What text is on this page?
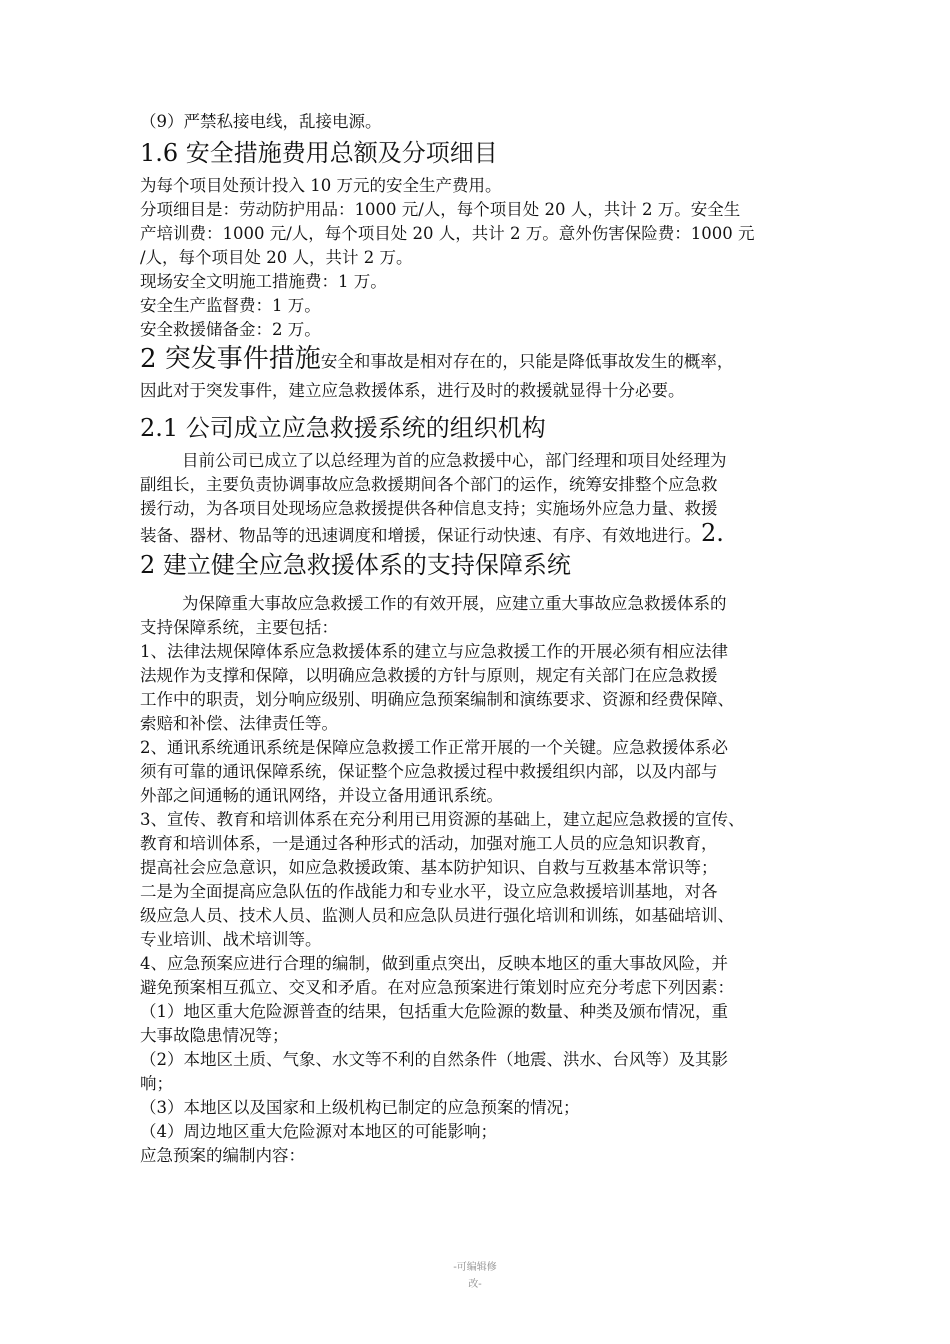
（9）严禁私接电线，乱接电源。

1.6 安全措施费用总额及分项细目

为每个项目处预计投入 10 万元的安全生产费用。

分项细目是：劳动防护用品：1000 元/人，每个项目处 20 人，共计 2 万。安全生

产培训费：1000 元/人，每个项目处 20 人，共计 2 万。意外伤害保险费：1000 元

/人，每个项目处 20 人，共计 2 万。

现场安全文明施工措施费：1 万。

安全生产监督费：1 万。

安全救援储备金：2 万。

2 突发事件措施安全和事故是相对存在的，只能是降低事故发生的概率，

因此对于突发事件，建立应急救援体系，进行及时的救援就显得十分必要。

2.1 公司成立应急救援系统的组织机构

目前公司已成立了以总经理为首的应急救援中心，部门经理和项目处经理为

副组长，主要负责协调事故应急救援期间各个部门的运作，统筹安排整个应急救

援行动，为各项目处现场应急救援提供各种信息支持；实施场外应急力量、救援

装备、器材、物品等的迅速调度和增援，保证行动快速、有序、有效地进行。2.

2 建立健全应急救援体系的支持保障系统

为保障重大事故应急救援工作的有效开展，应建立重大事故应急救援体系的

支持保障系统，主要包括：

1、法律法规保障体系应急救援体系的建立与应急救援工作的开展必须有相应法律

法规作为支撑和保障，以明确应急救援的方针与原则，规定有关部门在应急救援

工作中的职责，划分响应级别、明确应急预案编制和演练要求、资源和经费保障、

索赔和补偿、法律责任等。

2、通讯系统通讯系统是保障应急救援工作正常开展的一个关键。应急救援体系必

须有可靠的通讯保障系统，保证整个应急救援过程中救援组织内部，以及内部与

外部之间通畅的通讯网络，并设立备用通讯系统。

3、宣传、教育和培训体系在充分利用已用资源的基础上，建立起应急救援的宣传、

教育和培训体系，一是通过各种形式的活动，加强对施工人员的应急知识教育，

提高社会应急意识，如应急救援政策、基本防护知识、自救与互救基本常识等；

二是为全面提高应急队伍的作战能力和专业水平，设立应急救援培训基地，对各

级应急人员、技术人员、监测人员和应急队员进行强化培训和训练，如基础培训、

专业培训、战术培训等。

4、应急预案应进行合理的编制，做到重点突出，反映本地区的重大事故风险，并

避免预案相互孤立、交叉和矛盾。在对应急预案进行策划时应充分考虑下列因素：

（1）地区重大危险源普查的结果，包括重大危险源的数量、种类及颁布情况，重

大事故隐患情况等；

（2）本地区土质、气象、水文等不利的自然条件（地震、洪水、台风等）及其影

响；

（3）本地区以及国家和上级机构已制定的应急预案的情况；

（4）周边地区重大危险源对本地区的可能影响；

应急预案的编制内容：

-可编辑修
改-
